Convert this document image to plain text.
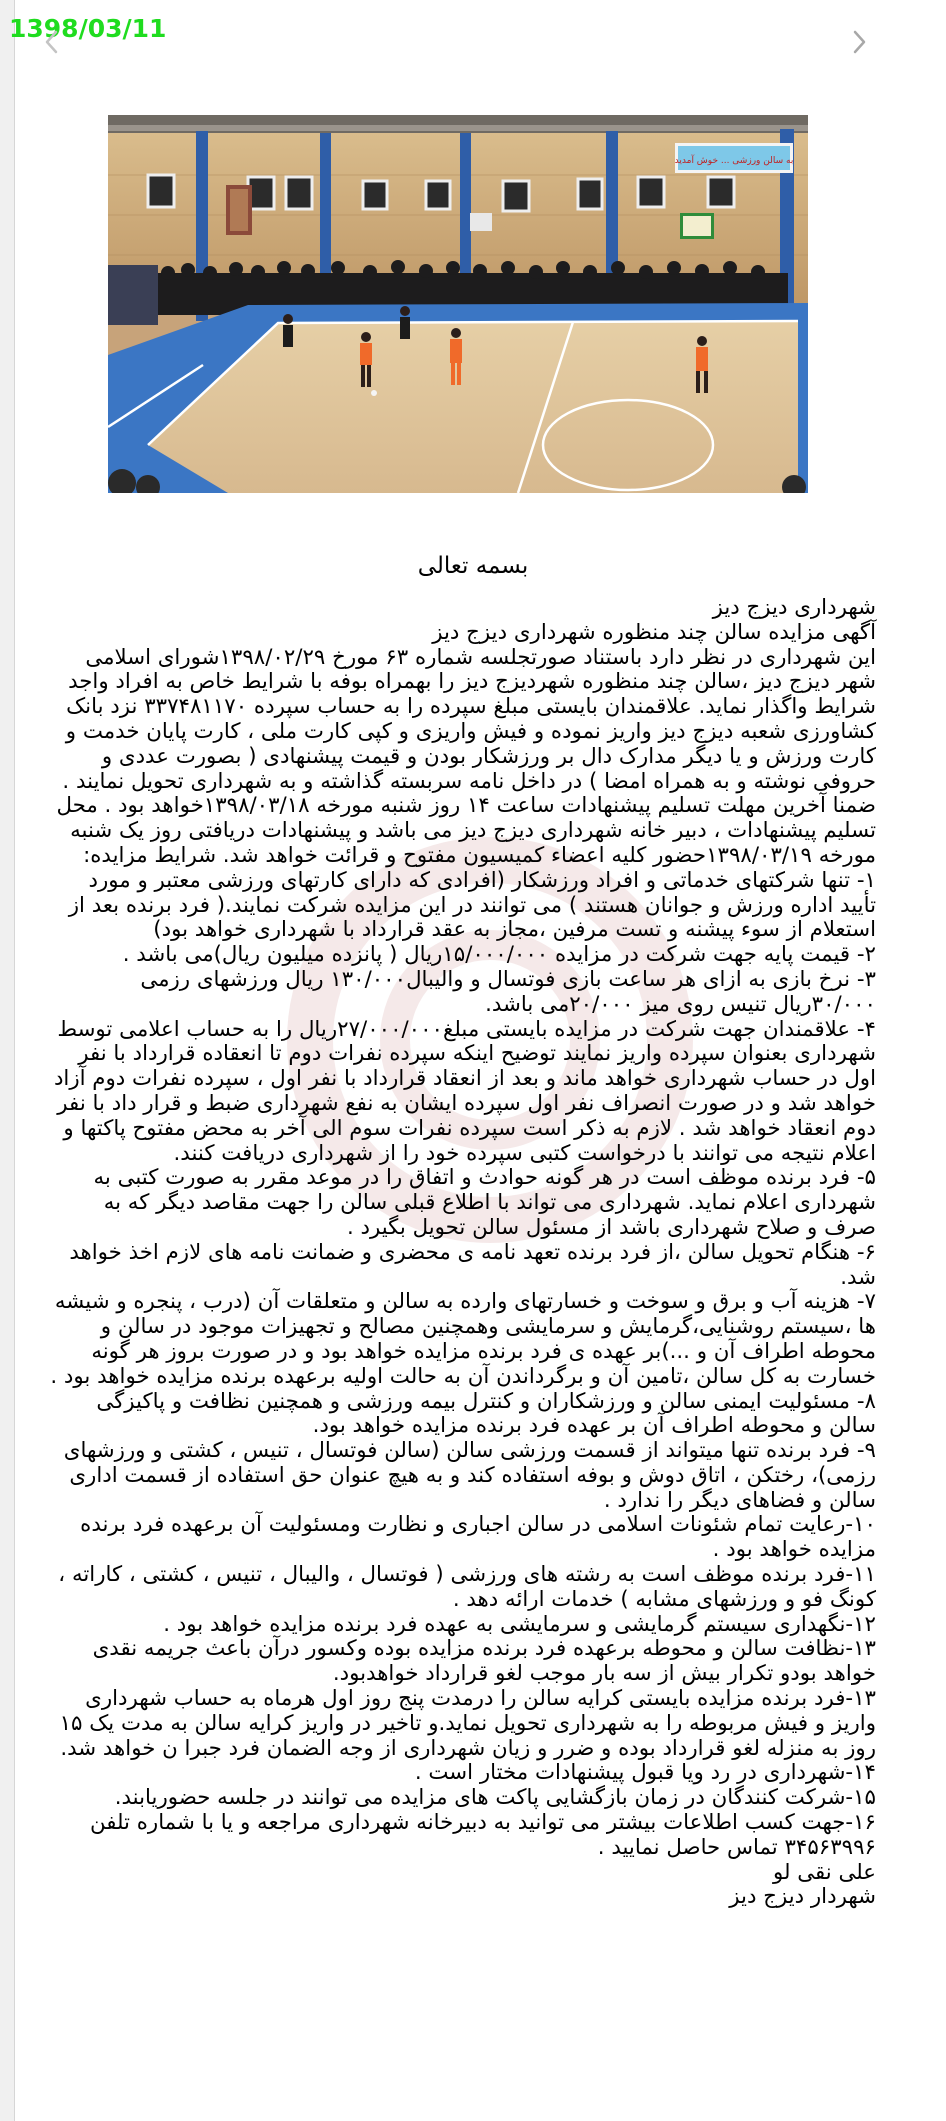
1398/03/11
به سالن ورزشی ... خوش آمدید
بسمه تعالی
شهرداری دیزج دیز
آگهی مزایده سالن چند منظوره شهرداری دیزج دیز
این شهرداری در نظر دارد باستناد صورتجلسه شماره ۶۳ مورخ ۱۳۹۸/۰۲/۲۹شورای اسلامی شهر دیزج دیز ،سالن چند منظوره شهردیزج دیز را بهمراه بوفه با شرایط خاص به افراد واجد شرایط واگذار نماید. علاقمندان بایستی مبلغ سپرده را به حساب سپرده ۳۳۷۴۸۱۱۷۰ نزد بانک کشاورزی شعبه دیزج دیز واریز نموده و فیش واریزی و کپی کارت ملی ، کارت پایان خدمت و کارت ورزش و یا دیگر مدارک دال بر ورزشکار بودن و قیمت پیشنهادی ( بصورت عددی و حروفی نوشته و به همراه امضا ) در داخل نامه سربسته گذاشته و به شهرداری تحویل نمایند . ضمنا آخرین مهلت تسلیم پیشنهادات ساعت ۱۴ روز شنبه مورخه ۱۳۹۸/۰۳/۱۸خواهد بود . محل تسلیم پیشنهادات ، دبیر خانه شهرداری دیزج دیز می باشد و پیشنهادات دریافتی روز یک شنبه مورخه ۱۳۹۸/۰۳/۱۹حضور کلیه اعضاء کمیسیون مفتوح و قرائت خواهد شد. شرایط مزایده:
۱- تنها شرکتهای خدماتی و افراد ورزشکار (افرادی که دارای کارتهای ورزشی معتبر و مورد تأیید اداره ورزش و جوانان هستند ) می توانند در این مزایده شرکت نمایند.( فرد برنده بعد از استعلام از سوء پیشنه و تست مرفین ،مجاز به عقد قرارداد با شهرداری خواهد بود)
۲- قیمت پایه جهت شرکت در مزایده ۱۵/۰۰۰/۰۰۰ریال ( پانزده میلیون ریال)می باشد .
۳- نرخ بازی به ازای هر ساعت بازی فوتسال و والیبال۱۳۰/۰۰۰ ریال ورزشهای رزمی ۳۰/۰۰۰ریال تنیس روی میز ۲۰/۰۰۰می باشد.
۴- علاقمندان جهت شرکت در مزایده بایستی مبلغ۲۷/۰۰۰/۰۰۰ریال را به حساب اعلامی توسط شهرداری بعنوان سپرده واریز نمایند توضیح اینکه سپرده نفرات دوم تا انعقاده قرارداد با نفر اول در حساب شهرداری خواهد ماند و بعد از انعقاد قرارداد با نفر اول ، سپرده نفرات دوم آزاد خواهد شد و در صورت انصراف نفر اول سپرده ایشان به نفع شهرداری ضبط و قرار داد با نفر دوم انعقاد خواهد شد . لازم به ذکر است سپرده نفرات سوم الی آخر به محض مفتوح پاکتها و اعلام نتیجه می توانند با درخواست کتبی سپرده خود را از شهرداری دریافت کنند.
۵- فرد برنده موظف است در هر گونه حوادث و اتفاق را در موعد مقرر به صورت کتبی به شهرداری اعلام نماید. شهرداری می تواند با اطلاع قبلی سالن را جهت مقاصد دیگر که به صرف و صلاح شهرداری باشد از مسئول سالن تحویل بگیرد .
۶- هنگام تحویل سالن ،از فرد برنده تعهد نامه ی محضری و ضمانت نامه های لازم اخذ خواهد شد.
۷- هزینه آب و برق و سوخت و خسارتهای وارده به سالن و متعلقات آن (درب ، پنجره و شیشه ها ،سیستم روشنایی،گرمایش و سرمایشی وهمچنین مصالح و تجهیزات موجود در سالن و محوطه اطراف آن و ...)بر عهده ی فرد برنده مزایده خواهد بود و در صورت بروز هر گونه خسارت به کل سالن ،تامین آن و برگرداندن آن به حالت اولیه برعهده برنده مزایده خواهد بود .
۸- مسئولیت ایمنی سالن و ورزشکاران و کنترل بیمه ورزشی و همچنین نظافت و پاکیزگی سالن و محوطه اطراف آن بر عهده فرد برنده مزایده خواهد بود.
۹- فرد برنده تنها میتواند از قسمت ورزشی سالن (سالن فوتسال ، تنیس ، کشتی و ورزشهای رزمی)، رختکن ، اتاق دوش و بوفه استفاده کند و به هیچ عنوان حق استفاده از قسمت اداری سالن و فضاهای دیگر را ندارد .
۱۰-رعایت تمام شئونات اسلامی در سالن اجباری و نظارت ومسئولیت آن برعهده فرد برنده مزایده خواهد بود .
۱۱-فرد برنده موظف است به رشته های ورزشی ( فوتسال ، والیبال ، تنیس ، کشتی ، کاراته ، کونگ فو و ورزشهای مشابه ) خدمات ارائه دهد .
۱۲-نگهداری سیستم گرمایشی و سرمایشی به عهده فرد برنده مزایده خواهد بود .
۱۳-نظافت سالن و محوطه برعهده فرد برنده مزایده بوده وکسور درآن باعث جریمه نقدی خواهد بودو تکرار بیش از سه بار موجب لغو قرارداد خواهدبود.
۱۳-فرد برنده مزایده بایستی کرایه سالن را درمدت پنج روز اول هرماه به حساب شهرداری واریز و فیش مربوطه را به شهرداری تحویل نماید.و تاخیر در واریز کرایه سالن به مدت یک ۱۵ روز به منزله لغو قرارداد بوده و ضرر و زیان شهرداری از وجه الضمان فرد جبرا ن خواهد شد.
۱۴-شهرداری در رد ویا قبول پیشنهادات مختار است .
۱۵-شرکت کنندگان در زمان بازگشایی پاکت های مزایده می توانند در جلسه حضوریابند.
۱۶-جهت کسب اطلاعات بیشتر می توانید به دبیرخانه شهرداری مراجعه و یا با شماره تلفن ۳۴۵۶۳۹۹۶ تماس حاصل نمایید .
علی نقی لو
شهردار دیزج دیز
